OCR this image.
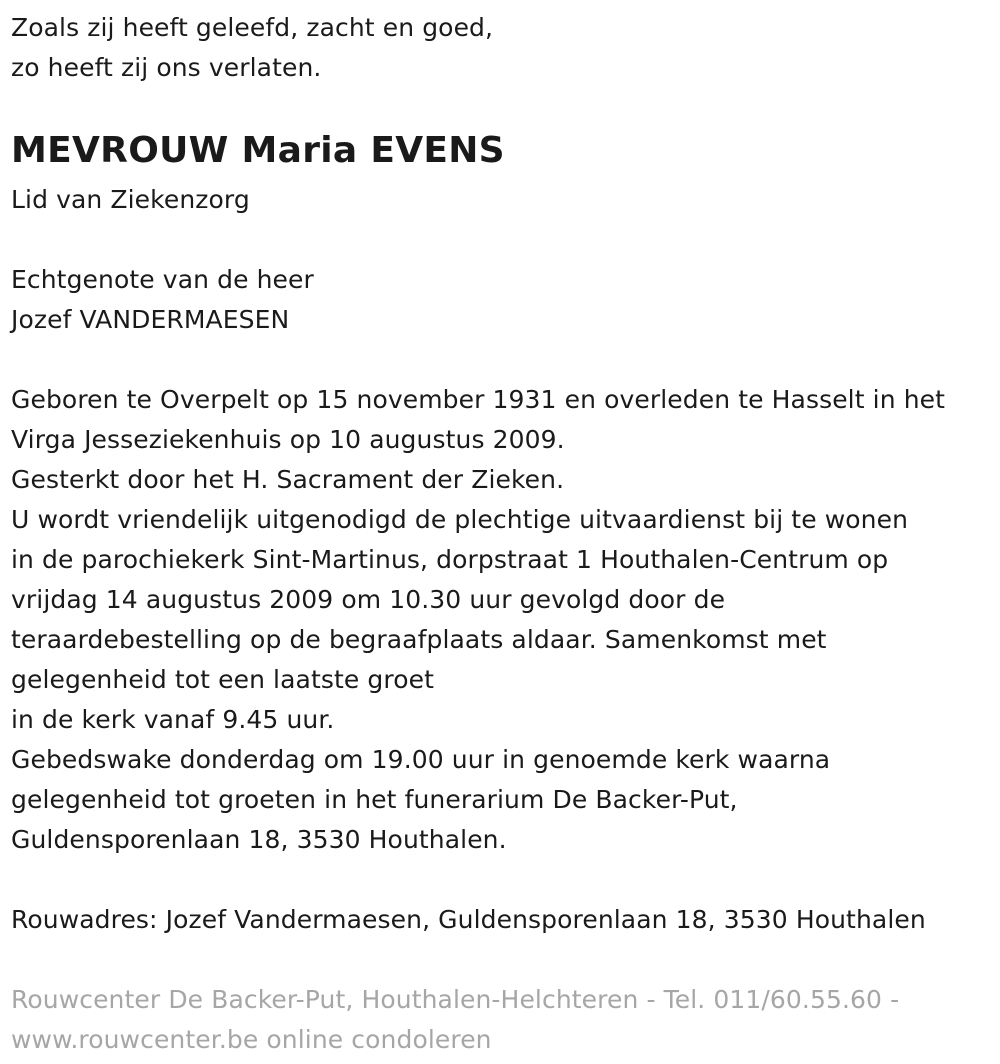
Zoals zij heeft geleefd, zacht en goed,
zo heeft zij ons verlaten.
MEVROUW Maria EVENS
Lid van Ziekenzorg
Echtgenote van de heer
Jozef VANDERMAESEN
Geboren te Overpelt op 15 november 1931 en overleden te Hasselt in het
Virga Jesseziekenhuis op 10 augustus 2009.
Gesterkt door het H. Sacrament der Zieken.
U wordt vriendelijk uitgenodigd de plechtige uitvaardienst bij te wonen
in de parochiekerk Sint-Martinus, dorpstraat 1 Houthalen-Centrum op
vrijdag 14 augustus 2009 om 10.30 uur gevolgd door de
teraardebestelling op de begraafplaats aldaar. Samenkomst met
gelegenheid tot een laatste groet
in de kerk vanaf 9.45 uur.
Gebedswake donderdag om 19.00 uur in genoemde kerk waarna
gelegenheid tot groeten in het funerarium De Backer-Put,
Guldensporenlaan 18, 3530 Houthalen.
Rouwadres: Jozef Vandermaesen, Guldensporenlaan 18, 3530 Houthalen
Rouwcenter De Backer-Put, Houthalen-Helchteren - Tel. 011/60.55.60 -
www.rouwcenter.be online condoleren
